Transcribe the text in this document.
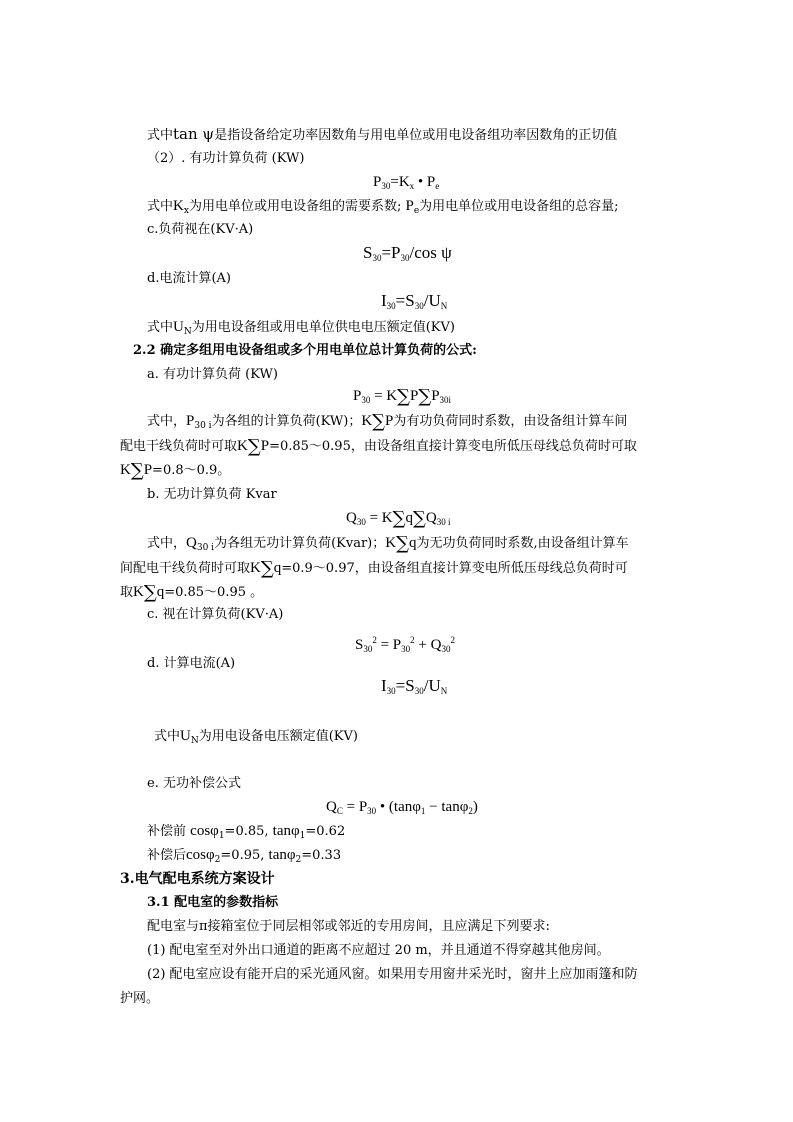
式中tan ψ是指设备给定功率因数角与用电单位或用电设备组功率因数角的正切值
（2）. 有功计算负荷 (KW)
$P_{30}=K_x$ • $P_e$
式中$K_x$为用电单位或用电设备组的需要系数; $P_e$为用电单位或用电设备组的总容量;
c.负荷视在(KV·A)
S30=P30/cos ψ
d.电流计算(A)
I30=S30/UN
式中$U_N$为用电设备组或用电单位供电电压额定值(KV)
2.2 确定多组用电设备组或多个用电单位总计算负荷的公式:
a. 有功计算负荷 (KW)
$P_{30} = K\sum P\sum P_{30i}$
式中，$P_{30 i}$为各组的计算负荷(KW)；K∑P为有功负荷同时系数，由设备组计算车间
配电干线负荷时可取K∑P=0.85～0.95，由设备组直接计算变电所低压母线总负荷时可取
K∑P=0.8～0.9。
b. 无功计算负荷 Kvar
$Q_{30} = K\sum q\sum Q_{30 i}$
式中，$Q_{30 i}$为各组无功计算负荷(Kvar)；K∑q为无功负荷同时系数,由设备组计算车
间配电干线负荷时可取K∑q=0.9～0.97，由设备组直接计算变电所低压母线总负荷时可
取K∑q=0.85～0.95 。
c. 视在计算负荷(KV·A)
$S_{30}^2 = P_{30}^2 + Q_{30}^2$
d. 计算电流(A)
I30=S30/UN
式中$U_N$为用电设备电压额定值(KV)
e. 无功补偿公式
$Q_C = P_{30}$ • (tanφ$_1$ − tanφ$_2$)
补偿前 cosφ$_1$=0.85, tanφ$_1$=0.62
补偿后cosφ$_2$=0.95, tanφ$_2$=0.33
3.电气配电系统方案设计
3.1 配电室的参数指标
配电室与π接箱室位于同层相邻或邻近的专用房间，且应满足下列要求:
(1) 配电室至对外出口通道的距离不应超过 20 m，并且通道不得穿越其他房间。
(2) 配电室应设有能开启的采光通风窗。如果用专用窗井采光时，窗井上应加雨篷和防
护网。
